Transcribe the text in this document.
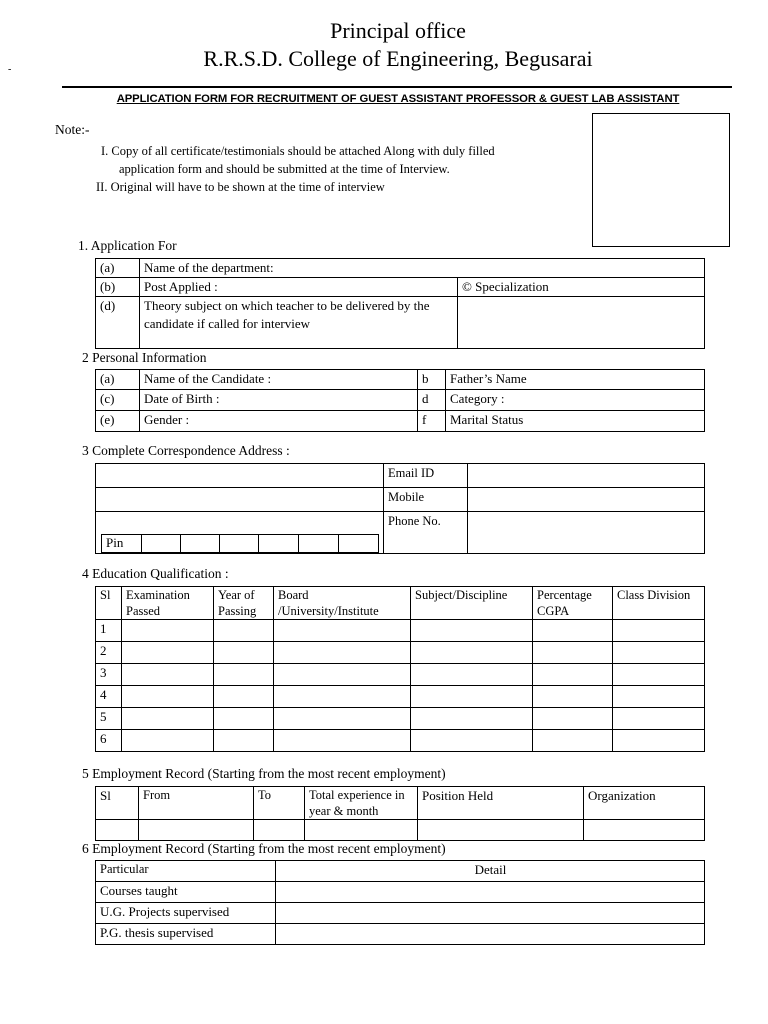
Principal office
R.R.S.D. College of Engineering, Begusarai
-
APPLICATION FORM FOR RECRUITMENT OF GUEST ASSISTANT PROFESSOR & GUEST LAB ASSISTANT
Note:-
I. Copy of all certificate/testimonials should be attached Along with duly filled
application form and should be submitted at the time of Interview.
II. Original will have to be shown at the time of interview
1. Application For
(a)	Name of the department:	
(b)	Post Applied :	© Specialization
(d)	Theory subject on which teacher to be delivered by the candidate if called for interview	
2 Personal Information
(a)	Name of the Candidate :	b	Father’s Name
(c)	Date of Birth :	d	Category :
(e)	Gender :	f	Marital Status
3 Complete Correspondence Address :
	Email ID	
	Mobile	

Pin						
	Phone No.	
4 Education Qualification :
Sl	Examination Passed	Year of Passing	Board /University/Institute	Subject/Discipline	Percentage CGPA	Class Division
1						
2						
3						
4						
5						
6						
5 Employment Record (Starting from the most recent employment)
Sl	From	To	Total experience in year & month	Position Held	Organization

6 Employment Record (Starting from the most recent employment)
Particular	Detail
Courses taught	
U.G. Projects supervised	
P.G. thesis supervised	
